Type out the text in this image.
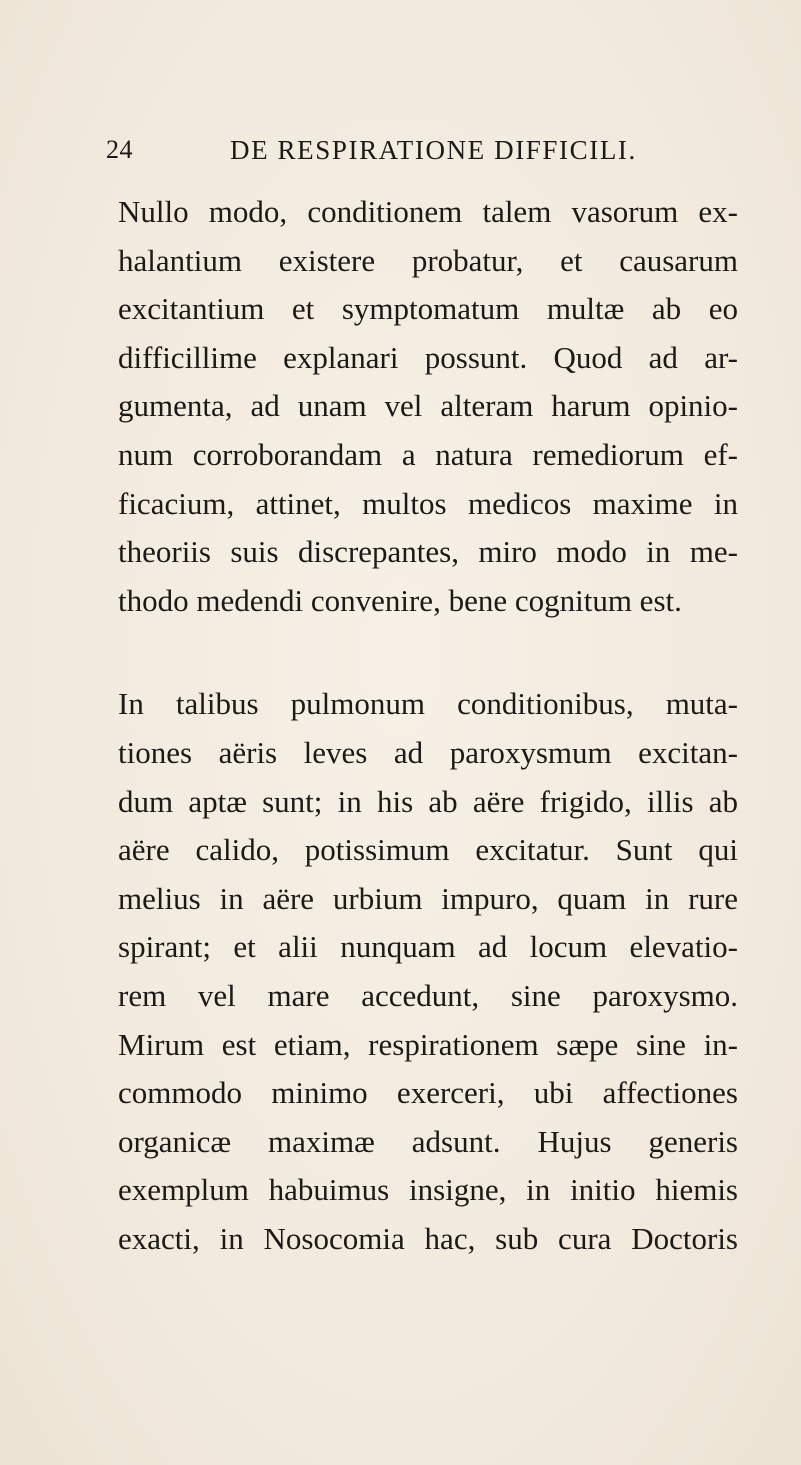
24	DE RESPIRATIONE DIFFICILI.

Nullo modo, conditionem talem vasorum ex-
halantium existere probatur, et causarum
excitantium et symptomatum multæ ab eo
difficillime explanari possunt. Quod ad ar-
gumenta, ad unam vel alteram harum opinio-
num corroborandam a natura remediorum ef-
ficacium, attinet, multos medicos maxime in
theoriis suis discrepantes, miro modo in me-
thodo medendi convenire, bene cognitum est.

In talibus pulmonum conditionibus, muta-
tiones aëris leves ad paroxysmum excitan-
dum aptæ sunt; in his ab aëre frigido, illis ab
aëre calido, potissimum excitatur. Sunt qui
melius in aëre urbium impuro, quam in rure
spirant; et alii nunquam ad locum elevatio-
rem vel mare accedunt, sine paroxysmo.
Mirum est etiam, respirationem sæpe sine in-
commodo minimo exerceri, ubi affectiones
organicæ maximæ adsunt. Hujus generis
exemplum habuimus insigne, in initio hiemis
exacti, in Nosocomia hac, sub cura Doctoris
